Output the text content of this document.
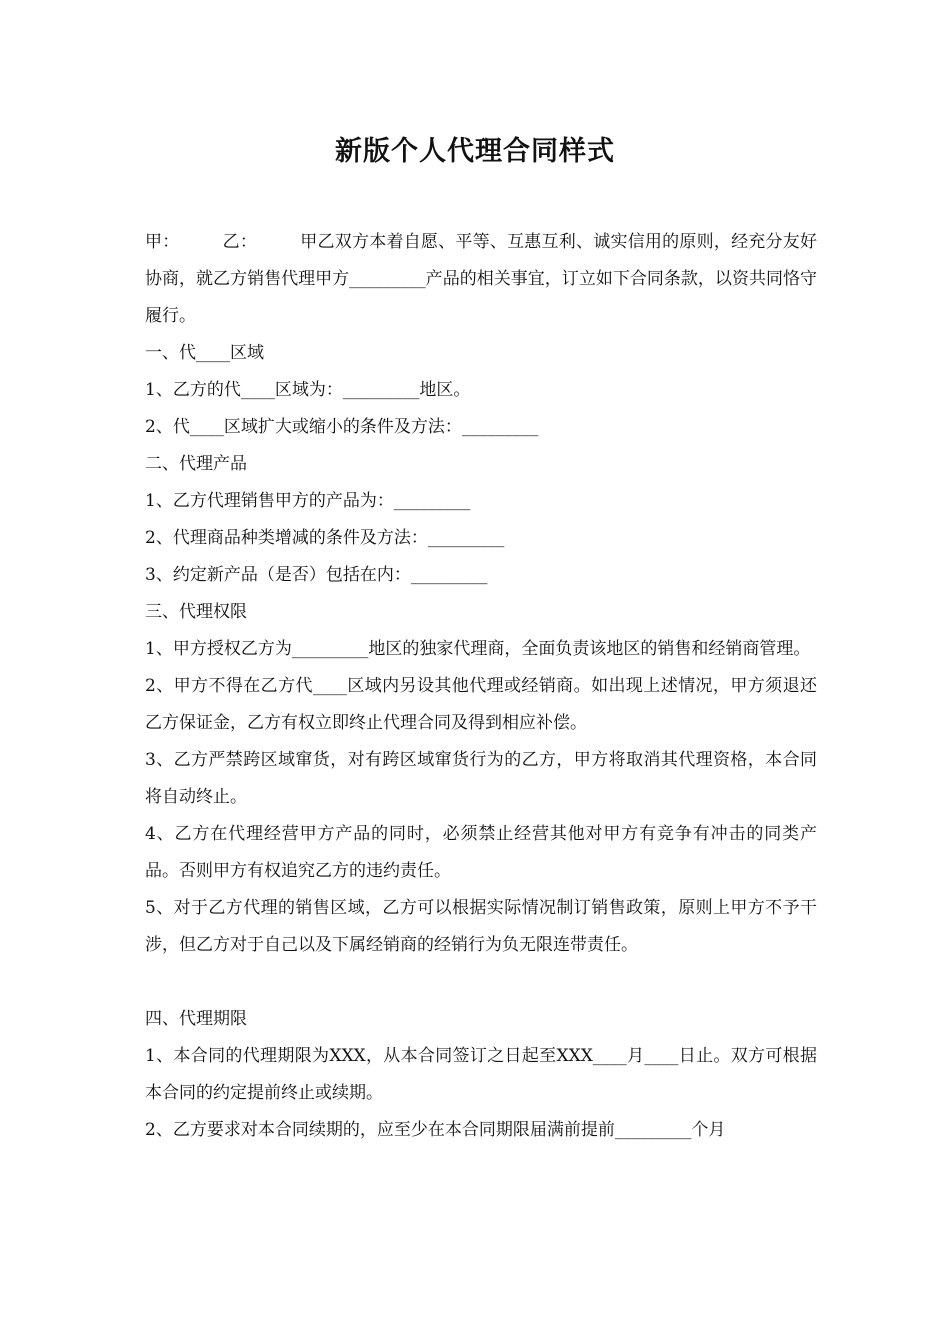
新版个人代理合同样式

甲：　　　乙：　　　甲乙双方本着自愿、平等、互惠互利、诚实信用的原则，经充分友好协商，就乙方销售代理甲方_________产品的相关事宜，订立如下合同条款，以资共同恪守履行。

一、代____区域

1、乙方的代____区域为：_________地区。

2、代____区域扩大或缩小的条件及方法：_________

二、代理产品

1、乙方代理销售甲方的产品为：_________

2、代理商品种类增减的条件及方法：_________

3、约定新产品（是否）包括在内：_________

三、代理权限

1、甲方授权乙方为_________地区的独家代理商，全面负责该地区的销售和经销商管理。

2、甲方不得在乙方代____区域内另设其他代理或经销商。如出现上述情况，甲方须退还乙方保证金，乙方有权立即终止代理合同及得到相应补偿。

3、乙方严禁跨区域窜货，对有跨区域窜货行为的乙方，甲方将取消其代理资格，本合同将自动终止。

4、乙方在代理经营甲方产品的同时，必须禁止经营其他对甲方有竞争有冲击的同类产品。否则甲方有权追究乙方的违约责任。

5、对于乙方代理的销售区域，乙方可以根据实际情况制订销售政策，原则上甲方不予干涉，但乙方对于自己以及下属经销商的经销行为负无限连带责任。

四、代理期限

1、本合同的代理期限为XXX，从本合同签订之日起至XXX____月____日止。双方可根据本合同的约定提前终止或续期。

2、乙方要求对本合同续期的，应至少在本合同期限届满前提前_________个月
